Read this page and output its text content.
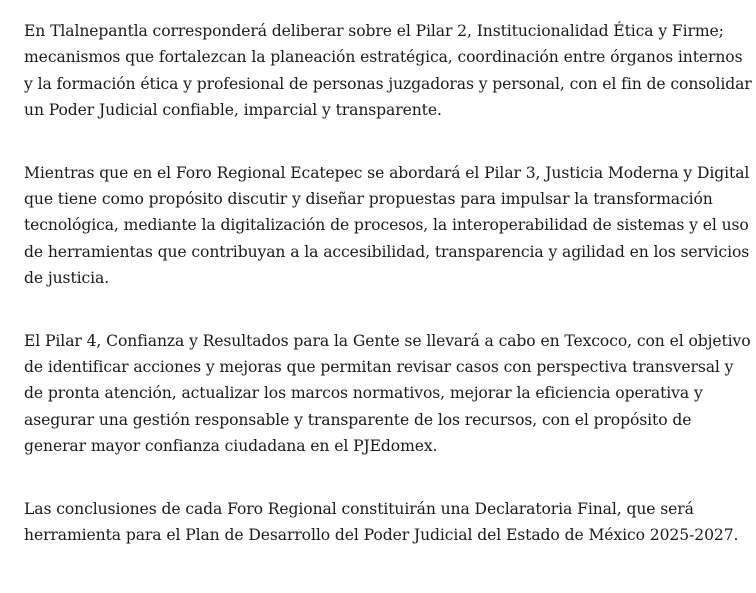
En Tlalnepantla corresponderá deliberar sobre el Pilar 2, Institucionalidad Ética y Firme; mecanismos que fortalezcan la planeación estratégica, coordinación entre órganos internos y la formación ética y profesional de personas juzgadoras y personal, con el fin de consolidar un Poder Judicial confiable, imparcial y transparente.

Mientras que en el Foro Regional Ecatepec se abordará el Pilar 3, Justicia Moderna y Digital que tiene como propósito discutir y diseñar propuestas para impulsar la transformación tecnológica, mediante la digitalización de procesos, la interoperabilidad de sistemas y el uso de herramientas que contribuyan a la accesibilidad, transparencia y agilidad en los servicios de justicia.

El Pilar 4, Confianza y Resultados para la Gente se llevará a cabo en Texcoco, con el objetivo de identificar acciones y mejoras que permitan revisar casos con perspectiva transversal y de pronta atención, actualizar los marcos normativos, mejorar la eficiencia operativa y asegurar una gestión responsable y transparente de los recursos, con el propósito de generar mayor confianza ciudadana en el PJEdomex.

Las conclusiones de cada Foro Regional constituirán una Declaratoria Final, que será herramienta para el Plan de Desarrollo del Poder Judicial del Estado de México 2025-2027.
